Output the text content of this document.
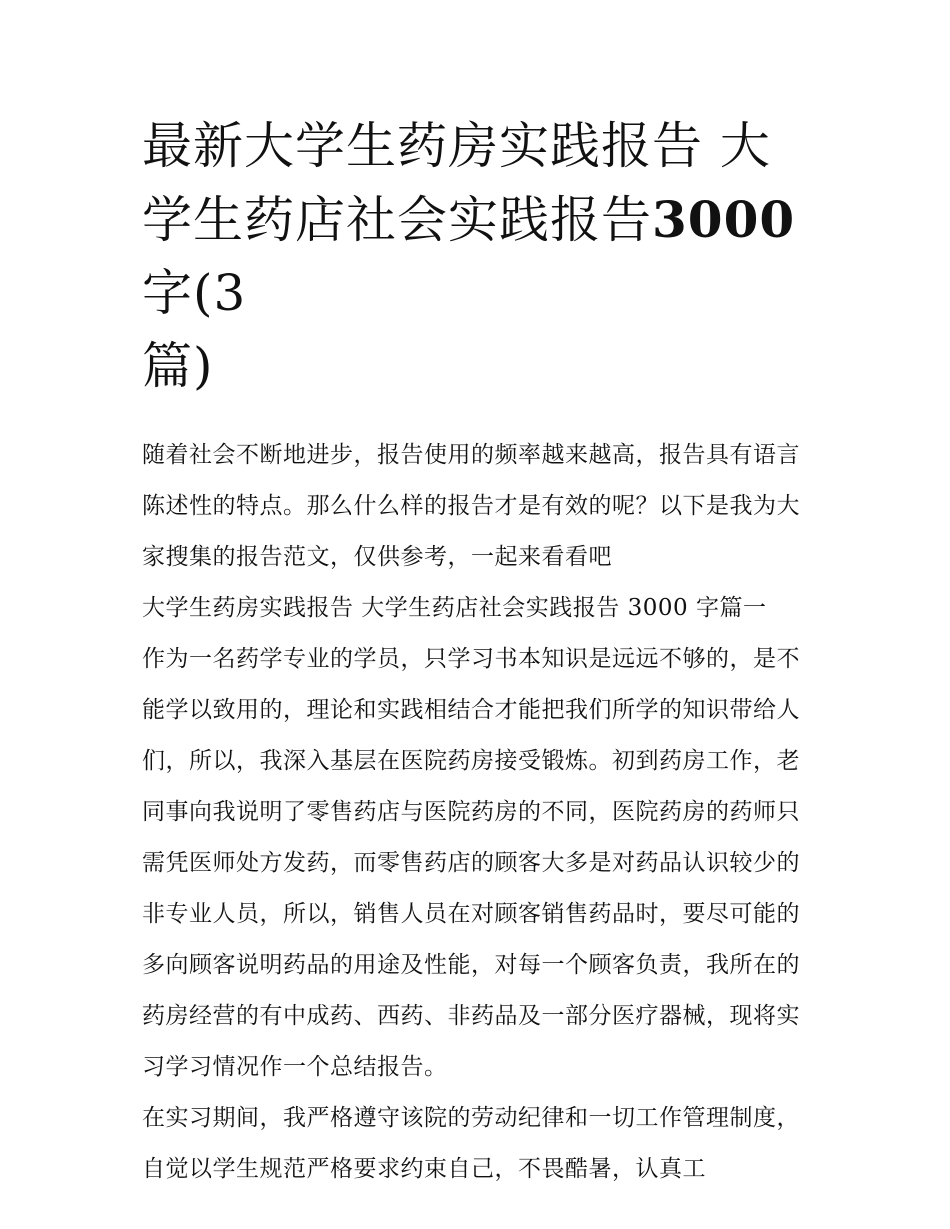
最新大学生药房实践报告 大学生药店社会实践报告3000 字(3
篇)

随着社会不断地进步，报告使用的频率越来越高，报告具有语言陈述性的特点。那么什么样的报告才是有效的呢？以下是我为大家搜集的报告范文，仅供参考，一起来看看吧

大学生药房实践报告 大学生药店社会实践报告 3000 字篇一

作为一名药学专业的学员，只学习书本知识是远远不够的，是不能学以致用的，理论和实践相结合才能把我们所学的知识带给人们，所以，我深入基层在医院药房接受锻炼。初到药房工作，老同事向我说明了零售药店与医院药房的不同，医院药房的药师只需凭医师处方发药，而零售药店的顾客大多是对药品认识较少的非专业人员，所以，销售人员在对顾客销售药品时，要尽可能的多向顾客说明药品的用途及性能，对每一个顾客负责，我所在的药房经营的有中成药、西药、非药品及一部分医疗器械，现将实习学习情况作一个总结报告。

在实习期间，我严格遵守该院的劳动纪律和一切工作管理制度，自觉以学生规范严格要求约束自己，不畏酷暑，认真工
